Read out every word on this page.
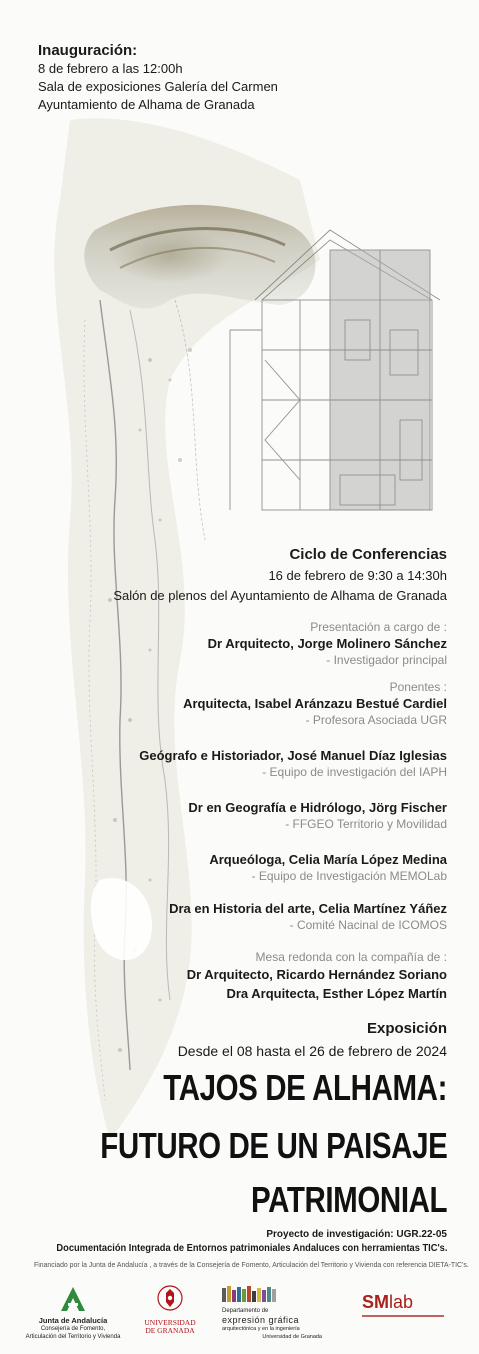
Inauguración:
8 de febrero a las 12:00h
Sala de exposiciones Galería del Carmen
Ayuntamiento de Alhama de Granada
Ciclo de Conferencias
16 de febrero de 9:30 a 14:30h
Salón de plenos del Ayuntamiento de Alhama de Granada
Presentación a cargo de :
Dr Arquitecto, Jorge Molinero Sánchez
- Investigador principal
Ponentes :
Arquitecta, Isabel Aránzazu Bestué Cardiel
- Profesora Asociada UGR
Geógrafo e Historiador, José Manuel Díaz Iglesias
- Equipo de investigación del IAPH
Dr en Geografía e Hidrólogo, Jörg Fischer
- FFGEO Territorio y Movilidad
Arqueóloga, Celia María López Medina
- Equipo de Investigación MEMOLab
Dra en Historia del arte, Celia Martínez Yáñez
- Comité Nacinal de ICOMOS
Mesa redonda con la compañía de :
Dr Arquitecto, Ricardo Hernández Soriano
Dra Arquitecta, Esther López Martín
Exposición
Desde el 08 hasta el 26 de febrero de 2024
TAJOS DE ALHAMA:
FUTURO DE UN PAISAJE
PATRIMONIAL
Proyecto de investigación: UGR.22-05
Documentación Integrada de Entornos patrimoniales Andaluces con herramientas TIC's.
Financiado por la Junta de Andalucía , a través de la Consejería de Fomento, Articulación del Territorio y Vivienda con referencia DIETA-TIC's.
Junta de Andalucía
Consejería de Fomento,
Articulación del Territorio y Vivienda
UNIVERSIDAD
DE GRANADA
Departamento de
expresión gráfica
arquitectónica y en la ingeniería
Universidad de Granada
SMlab
